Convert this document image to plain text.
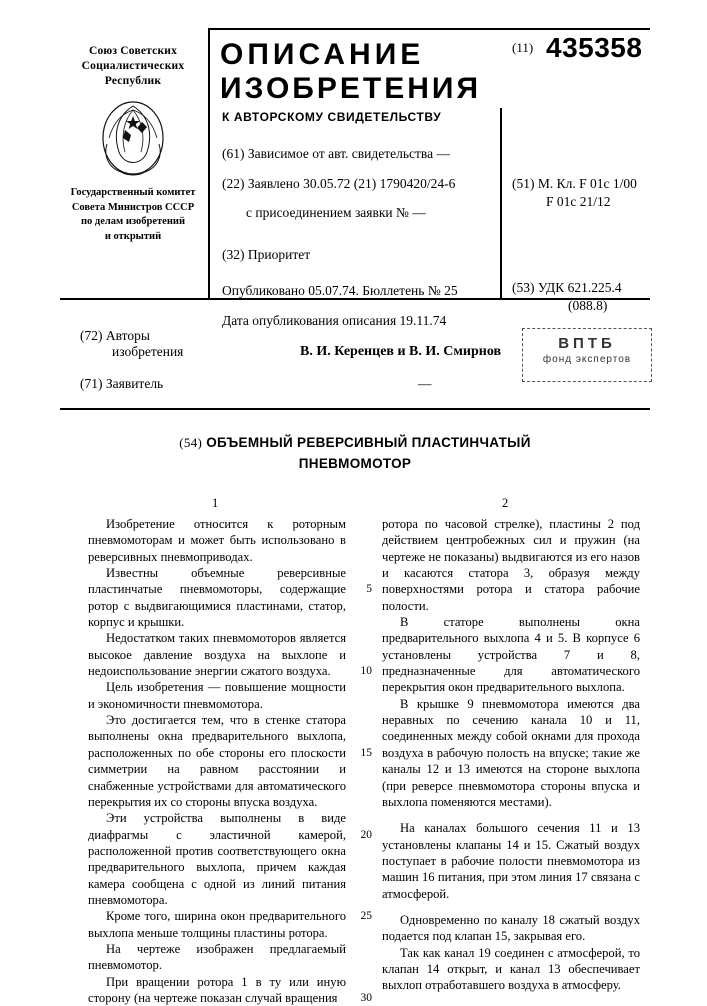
Союз Советских
Социалистических
Республик
Государственный комитет
Совета Министров СССР
по делам изобретений
и открытий
ОПИСАНИЕ
ИЗОБРЕТЕНИЯ
К АВТОРСКОМУ СВИДЕТЕЛЬСТВУ
(11) 435358
(61) Зависимое от авт. свидетельства —
(22) Заявлено 30.05.72 (21) 1790420/24-6
с присоединением заявки № —
(32) Приоритет
Опубликовано 05.07.74. Бюллетень № 25
Дата опубликования описания 19.11.74
(51) М. Кл. F 01c 1/00
F 01c 21/12
(53) УДК 621.225.4
(088.8)
(72) Авторы
изобретения	В. И. Керенцев и В. И. Смирнов
(71) Заявитель	—
ВПТБ
фонд экспертов
(54) ОБЪЕМНЫЙ РЕВЕРСИВНЫЙ ПЛАСТИНЧАТЫЙ
ПНЕВМОМОТОР
1	2

Изобретение относится к роторным пневмомоторам и может быть использовано в реверсивных пневмоприводах.

Известны объемные реверсивные пластинчатые пневмомоторы, содержащие ротор с выдвигающимися пластинами, статор, корпус и крышки.

Недостатком таких пневмомоторов является высокое давление воздуха на выхлопе и недоиспользование энергии сжатого воздуха.

Цель изобретения — повышение мощности и экономичности пневмомотора.

Это достигается тем, что в стенке статора выполнены окна предварительного выхлопа, расположенных по обе стороны его плоскости симметрии на равном расстоянии и снабженные устройствами для автоматического перекрытия их со стороны впуска воздуха.

Эти устройства выполнены в виде диафрагмы с эластичной камерой, расположенной против соответствующего окна предварительного выхлопа, причем каждая камера сообщена с одной из линий питания пневмомотора.

Кроме того, ширина окон предварительного выхлопа меньше толщины пластины ротора.

На чертеже изображен предлагаемый пневмомотор.

При вращении ротора 1 в ту или иную сторону (на чертеже показан случай вращения

5
10
15
20
25
30

ротора по часовой стрелке), пластины 2 под действием центробежных сил и пружин (на чертеже не показаны) выдвигаются из его назов и касаются статора 3, образуя между поверхностями ротора и статора рабочие полости.

В статоре выполнены окна предварительного выхлопа 4 и 5. В корпусе 6 установлены устройства 7 и 8, предназначенные для автоматического перекрытия окон предварительного выхлопа.

В крышке 9 пневмомотора имеются два неравных по сечению канала 10 и 11, соединенных между собой окнами для прохода воздуха в рабочую полость на впуске; такие же каналы 12 и 13 имеются на стороне выхлопа (при реверсе пневмомотора стороны впуска и выхлопа поменяются местами).

На каналах большого сечения 11 и 13 установлены клапаны 14 и 15. Сжатый воздух поступает в рабочие полости пневмомотора из машин 16 питания, при этом линия 17 связана с атмосферой.

Одновременно по каналу 18 сжатый воздух подается под клапан 15, закрывая его.

Так как канал 19 соединен с атмосферой, то клапан 14 открыт, и канал 13 обеспечивает выхлоп отработавшего воздуха в атмосферу.
